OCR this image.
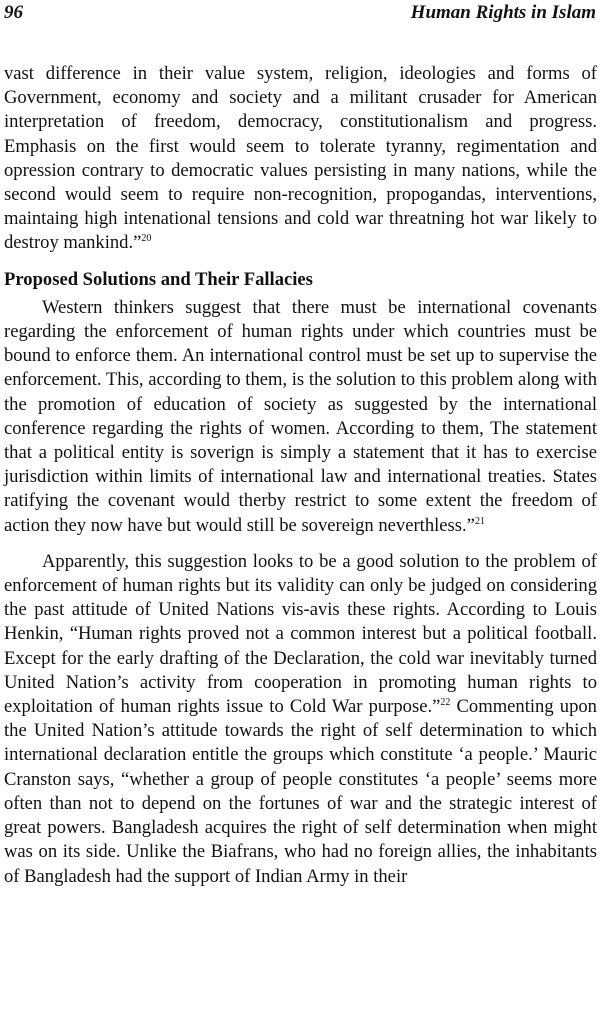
96	Human Rights in Islam

vast difference in their value system, religion, ideologies and forms of Government, economy and society and a militant crusader for American interpretation of freedom, democracy, constitutionalism and progress. Emphasis on the first would seem to tolerate tyranny, regimentation and opression contrary to democratic values persisting in many nations, while the second would seem to require non-recognition, propogandas, interventions, maintaing high intenational tensions and cold war threatning hot war likely to destroy mankind.”$^{20}$

Proposed Solutions and Their Fallacies

Western thinkers suggest that there must be international covenants regarding the enforcement of human rights under which countries must be bound to enforce them. An international control must be set up to supervise the enforcement. This, according to them, is the solution to this problem along with the promotion of education of society as suggested by the international conference regarding the rights of women. According to them, The statement that a political entity is soverign is simply a statement that it has to exercise jurisdiction within limits of international law and international treaties. States ratifying the covenant would therby restrict to some extent the freedom of action they now have but would still be sovereign neverthless.”$^{21}$

Apparently, this suggestion looks to be a good solution to the problem of enforcement of human rights but its validity can only be judged on considering the past attitude of United Nations vis-avis these rights. According to Louis Henkin, “Human rights proved not a common interest but a political football. Except for the early drafting of the Declaration, the cold war inevitably turned United Nation’s activity from cooperation in promoting human rights to exploitation of human rights issue to Cold War purpose.”$^{22}$ Commenting upon the United Nation’s attitude towards the right of self determination to which international declaration entitle the groups which constitute ‘a people.’ Mauric Cranston says, “whether a group of people constitutes ‘a people’ seems more often than not to depend on the fortunes of war and the strategic interest of great powers. Bangladesh acquires the right of self determination when might was on its side. Unlike the Biafrans, who had no foreign allies, the inhabitants of Bangladesh had the support of Indian Army in their
